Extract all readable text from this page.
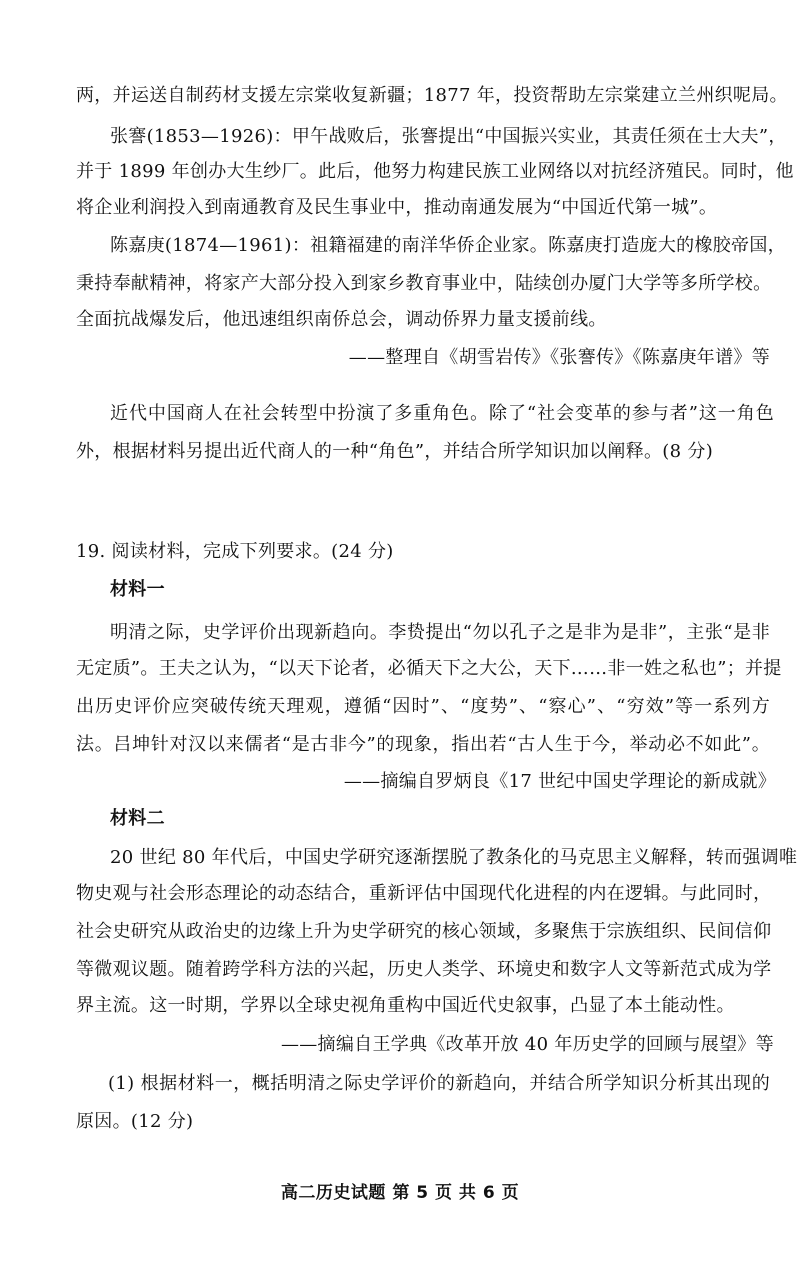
两，并运送自制药材支援左宗棠收复新疆；1877 年，投资帮助左宗棠建立兰州织呢局。
张謇(1853—1926)：甲午战败后，张謇提出“中国振兴实业，其责任须在士大夫”，
并于 1899 年创办大生纱厂。此后，他努力构建民族工业网络以对抗经济殖民。同时，他
将企业利润投入到南通教育及民生事业中，推动南通发展为“中国近代第一城”。
陈嘉庚(1874—1961)：祖籍福建的南洋华侨企业家。陈嘉庚打造庞大的橡胶帝国，
秉持奉献精神，将家产大部分投入到家乡教育事业中，陆续创办厦门大学等多所学校。
全面抗战爆发后，他迅速组织南侨总会，调动侨界力量支援前线。
——整理自《胡雪岩传》《张謇传》《陈嘉庚年谱》等
近代中国商人在社会转型中扮演了多重角色。除了“社会变革的参与者”这一角色
外，根据材料另提出近代商人的一种“角色”，并结合所学知识加以阐释。(8 分)
19. 阅读材料，完成下列要求。(24 分)
材料一
明清之际，史学评价出现新趋向。李贽提出“勿以孔子之是非为是非”，主张“是非
无定质”。王夫之认为，“以天下论者，必循天下之大公，天下……非一姓之私也”；并提
出历史评价应突破传统天理观，遵循“因时”、“度势”、“察心”、“穷效”等一系列方
法。吕坤针对汉以来儒者“是古非今”的现象，指出若“古人生于今，举动必不如此”。
——摘编自罗炳良《17 世纪中国史学理论的新成就》
材料二
20 世纪 80 年代后，中国史学研究逐渐摆脱了教条化的马克思主义解释，转而强调唯
物史观与社会形态理论的动态结合，重新评估中国现代化进程的内在逻辑。与此同时，
社会史研究从政治史的边缘上升为史学研究的核心领域，多聚焦于宗族组织、民间信仰
等微观议题。随着跨学科方法的兴起，历史人类学、环境史和数字人文等新范式成为学
界主流。这一时期，学界以全球史视角重构中国近代史叙事，凸显了本土能动性。
——摘编自王学典《改革开放 40 年历史学的回顾与展望》等
(1) 根据材料一，概括明清之际史学评价的新趋向，并结合所学知识分析其出现的
原因。(12 分)
高二历史试题 第 5 页 共 6 页
